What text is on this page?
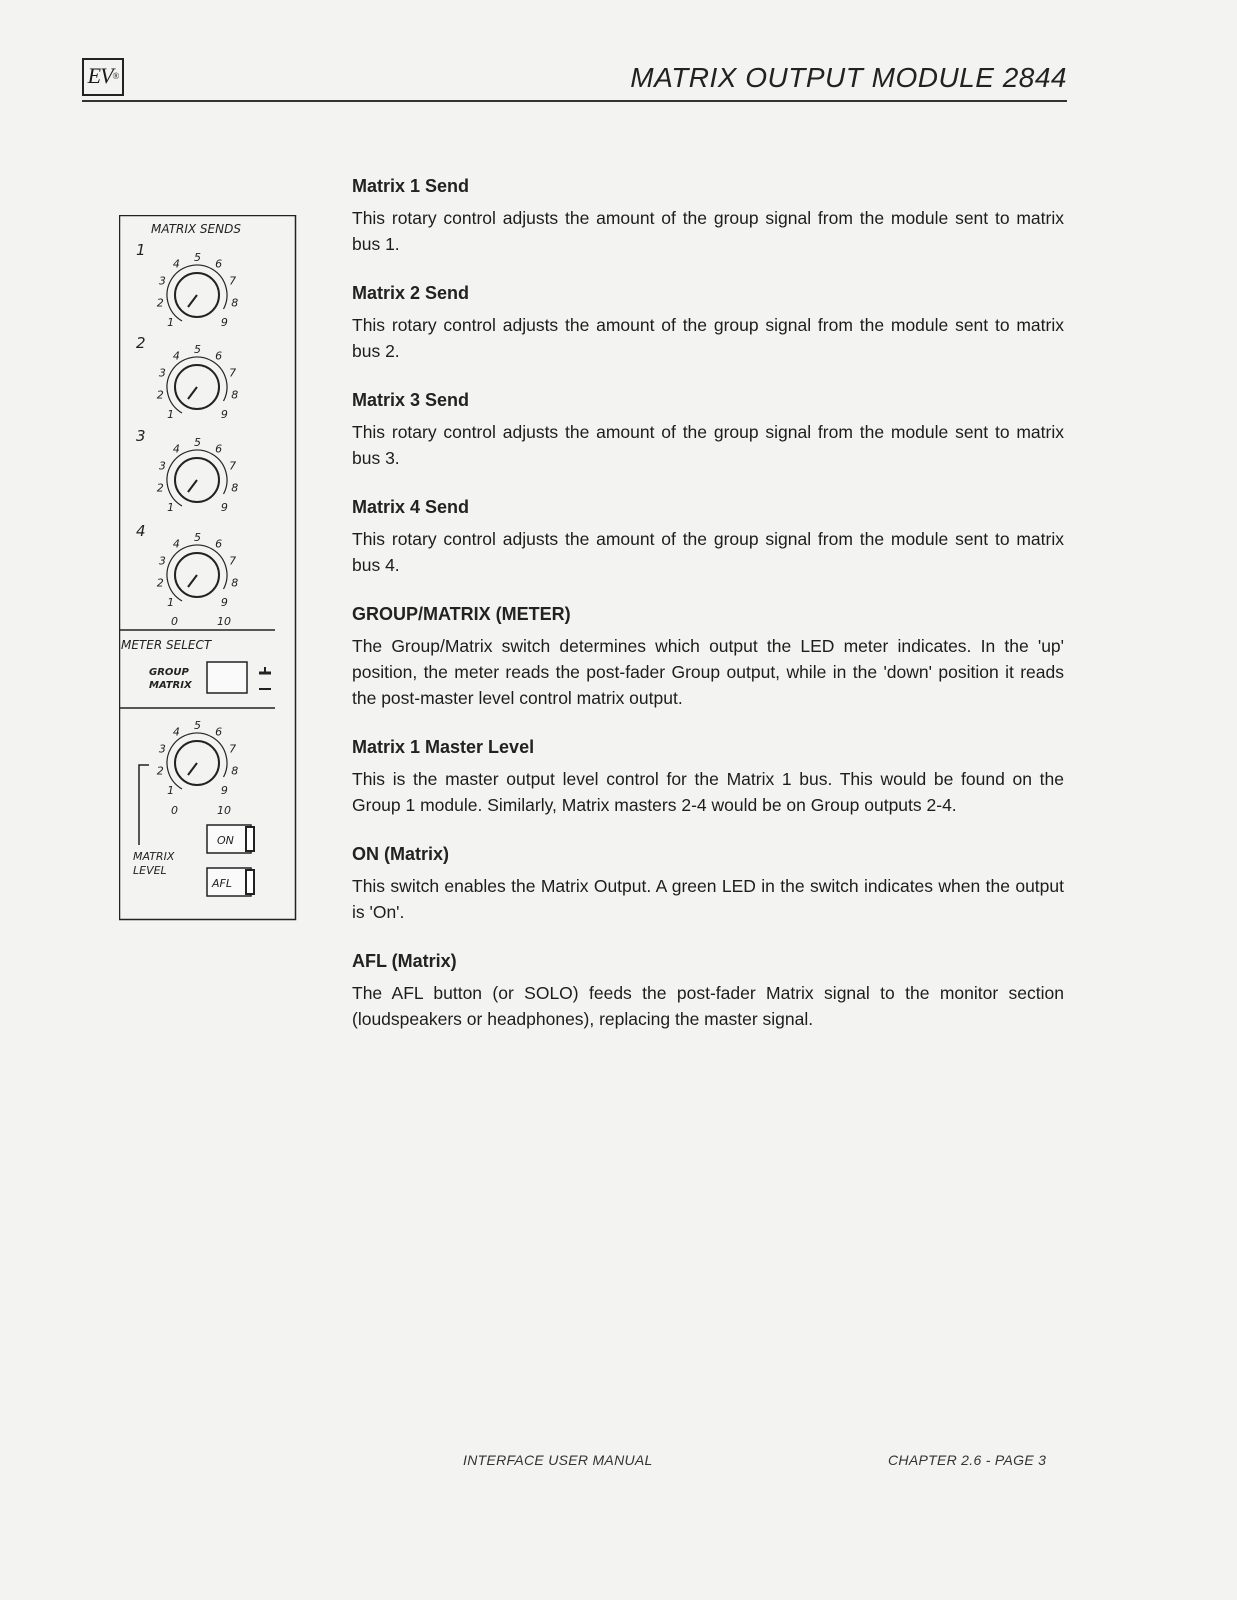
EV®	MATRIX OUTPUT MODULE 2844
MATRIX SENDS
1
2
3
4
1
2
3
4 5 6
7
8
9
1
2
3
4 5 6
7
8
9
1
2
3
4 5 6
7
8
9
1
2
3
4 5 6
7
8
9
1
2
3
4 5 6
7
8
9
0	10
METER SELECT
GROUP
MATRIX
0	10
MATRIX
LEVEL
ON
AFL
Matrix 1 Send

This rotary control adjusts the amount of the group signal from the module sent to matrix bus 1.

Matrix 2 Send

This rotary control adjusts the amount of the group signal from the module sent to matrix bus 2.

Matrix 3 Send

This rotary control adjusts the amount of the group signal from the module sent to matrix bus 3.

Matrix 4 Send

This rotary control adjusts the amount of the group signal from the module sent to matrix bus 4.

GROUP/MATRIX (METER)

The Group/Matrix switch determines which output the LED meter indicates. In the 'up' position, the meter reads the post-fader Group output, while in the 'down' position it reads the post-master level control matrix output.

Matrix 1 Master Level

This is the master output level control for the Matrix 1 bus. This would be found on the Group 1 module. Similarly, Matrix masters 2-4 would be on Group outputs 2-4.

ON (Matrix)

This switch enables the Matrix Output. A green LED in the switch indicates when the output is 'On'.

AFL (Matrix)

The AFL button (or SOLO) feeds the post-fader Matrix signal to the monitor section (loudspeakers or headphones), replacing the master signal.

INTERFACE USER MANUAL	CHAPTER 2.6 - PAGE 3
